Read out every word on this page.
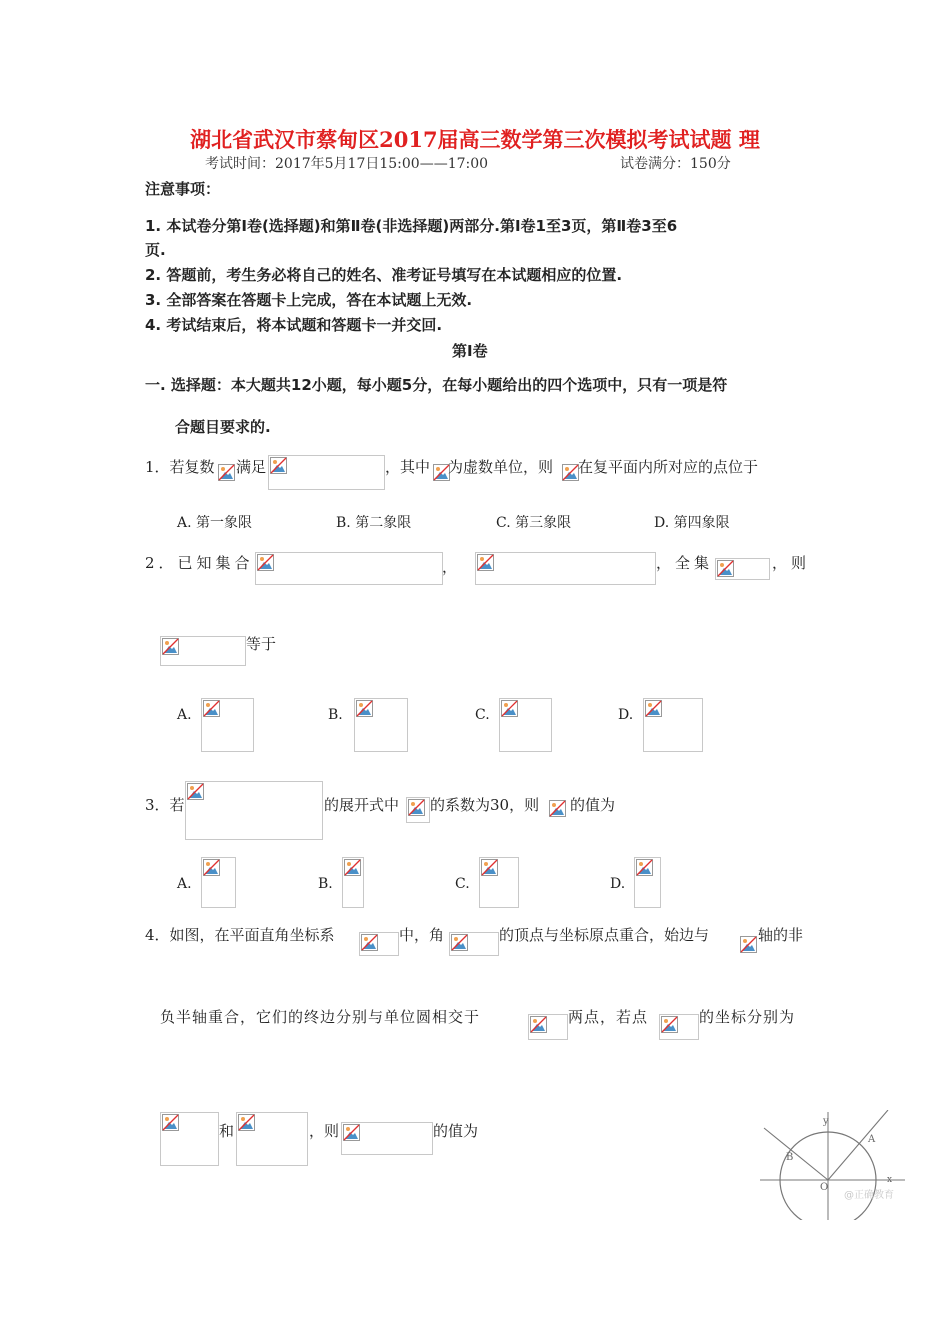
湖北省武汉市蔡甸区2017届高三数学第三次模拟考试试题 理
考试时间：2017年5月17日15:00——17:00	试卷满分：150分
注意事项：
1. 本试卷分第Ⅰ卷(选择题)和第Ⅱ卷(非选择题)两部分.第Ⅰ卷1至3页，第Ⅱ卷3至6
页.
2. 答题前，考生务必将自己的姓名、准考证号填写在本试题相应的位置.
3. 全部答案在答题卡上完成，答在本试题上无效.
4. 考试结束后，将本试题和答题卡一并交回.
第Ⅰ卷
一. 选择题：本大题共12小题，每小题5分，在每小题给出的四个选项中，只有一项是符
合题目要求的.
1．若复数 满足	，其中 为虚数单位，则 在复平面内所对应的点位于
A. 第一象限	B. 第二象限	C. 第三象限	D. 第四象限
2．已知集合	，	，全集	，则
等于
A.	B.	C.	D.
3．若	的展开式中 的系数为30，则 的值为
A.	B.	C.	D.
4．如图，在平面直角坐标系	中，角	的顶点与坐标原点重合，始边与	轴的非
负半轴重合，它们的终边分别与单位圆相交于	两点，若点	的坐标分别为
和	，则	的值为
y
x
A
B
O
@正确教育
